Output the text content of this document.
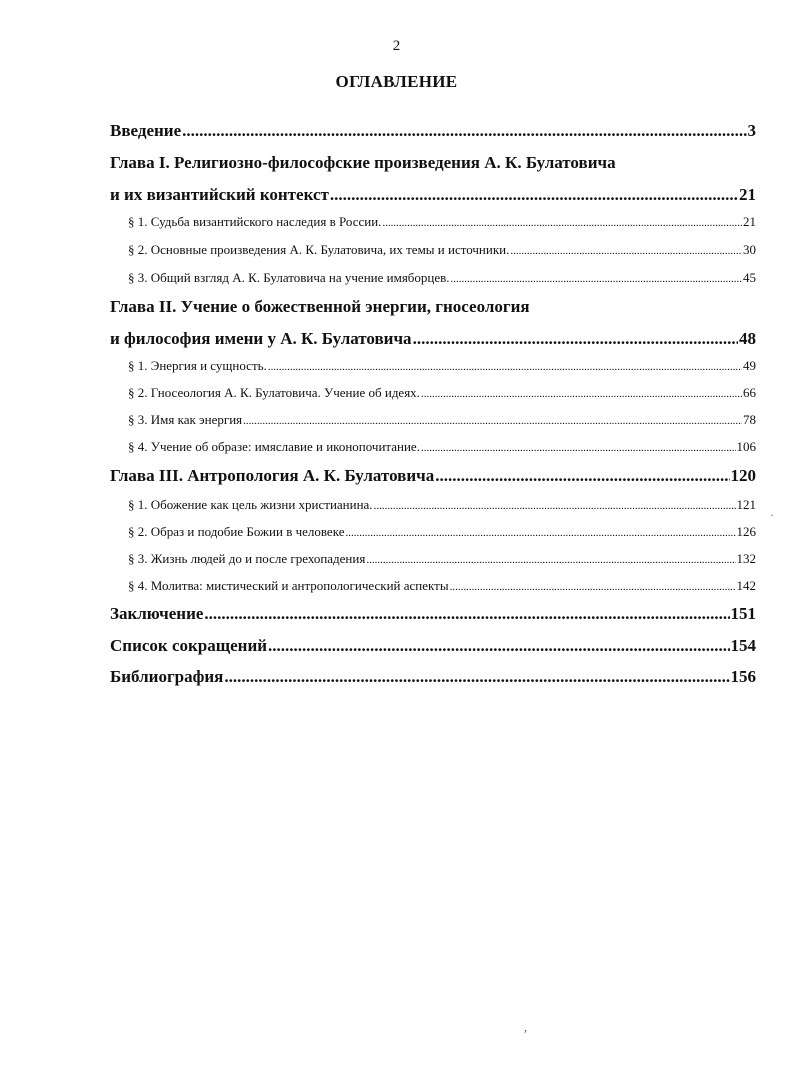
2
ОГЛАВЛЕНИЕ
Введение .....	3
Глава I. Религиозно-философские произведения А. К. Булатовича
и их византийский контекст .....	21
§ 1. Судьба византийского наследия в России. .....	21
§ 2. Основные произведения А. К. Булатовича, их темы и источники. .....	30
§ 3. Общий взгляд А. К. Булатовича на учение имяборцев. .....	45
Глава II. Учение о божественной энергии, гносеология
и философия имени у А. К. Булатовича .....	48
§ 1. Энергия и сущность. .....	49
§ 2. Гносеология А. К. Булатовича. Учение об идеях. .....	66
§ 3. Имя как энергия .....	78
§ 4. Учение об образе: имяславие и иконопочитание. .....	106
Глава III. Антропология А. К. Булатовича .....	120
§ 1. Обожение как цель жизни христианина. .....	121
§ 2. Образ и подобие Божии в человеке .....	126
§ 3. Жизнь людей до и после грехопадения .....	132
§ 4. Молитва: мистический и антропологический аспекты .....	142
Заключение .....	151
Список сокращений .....	154
Библиография .....	156
·
,
